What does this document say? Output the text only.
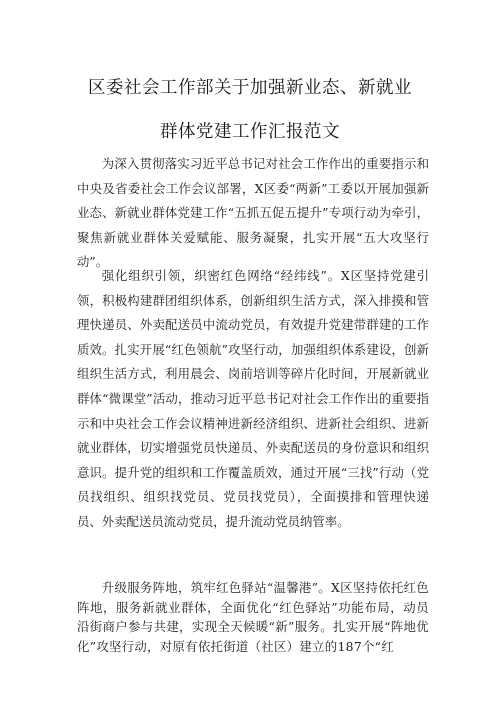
区委社会工作部关于加强新业态、新就业
群体党建工作汇报范文

为深入贯彻落实习近平总书记对社会工作作出的重要指示和中央及省委社会工作会议部署，X区委“两新”工委以开展加强新业态、新就业群体党建工作“五抓五促五提升”专项行动为牵引，聚焦新就业群体关爱赋能、服务凝聚，扎实开展“五大攻坚行动”。

强化组织引领，织密红色网络“经纬线”。X区坚持党建引领，积极构建群团组织体系，创新组织生活方式，深入排摸和管理快递员、外卖配送员中流动党员，有效提升党建带群建的工作质效。扎实开展“红色领航”攻坚行动，加强组织体系建设，创新组织生活方式，利用晨会、岗前培训等碎片化时间，开展新就业群体“微课堂”活动，推动习近平总书记对社会工作作出的重要指示和中央社会工作会议精神进新经济组织、进新社会组织、进新就业群体，切实增强党员快递员、外卖配送员的身份意识和组织意识。提升党的组织和工作覆盖质效，通过开展“三找”行动（党员找组织、组织找党员、党员找党员），全面摸排和管理快递员、外卖配送员流动党员，提升流动党员纳管率。

升级服务阵地，筑牢红色驿站“温馨港”。X区坚持依托红色阵地，服务新就业群体，全面优化“红色驿站”功能布局，动员沿街商户参与共建，实现全天候暖“新”服务。扎实开展“阵地优化”攻坚行动，对原有依托街道（社区）建立的187个“红
